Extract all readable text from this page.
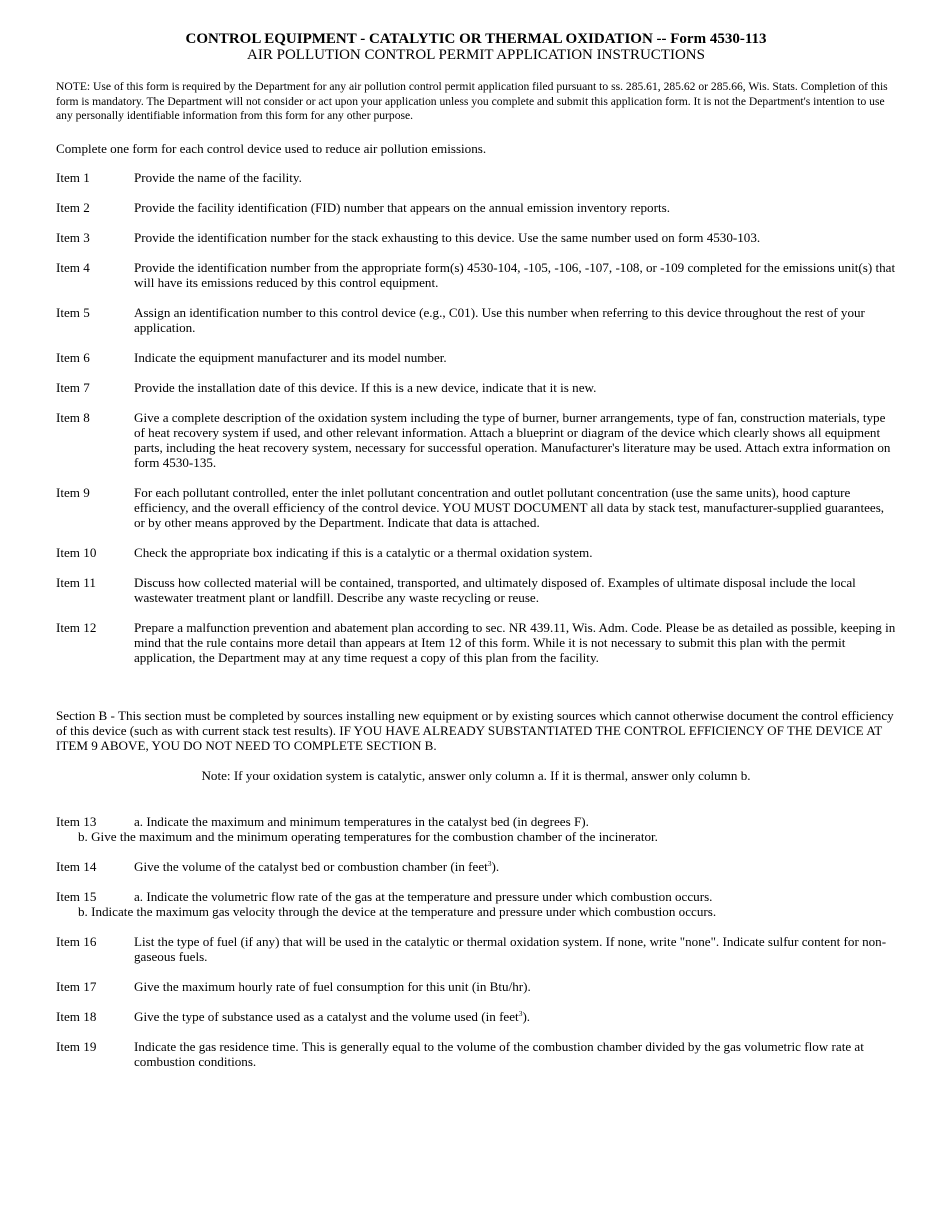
CONTROL EQUIPMENT - CATALYTIC OR THERMAL OXIDATION -- Form 4530-113
AIR POLLUTION CONTROL PERMIT APPLICATION INSTRUCTIONS
NOTE: Use of this form is required by the Department for any air pollution control permit application filed pursuant to ss. 285.61, 285.62 or 285.66, Wis. Stats. Completion of this form is mandatory. The Department will not consider or act upon your application unless you complete and submit this application form. It is not the Department's intention to use any personally identifiable information from this form for any other purpose.
Complete one form for each control device used to reduce air pollution emissions.
Item 1	Provide the name of the facility.
Item 2	Provide the facility identification (FID) number that appears on the annual emission inventory reports.
Item 3	Provide the identification number for the stack exhausting to this device. Use the same number used on form 4530-103.
Item 4	Provide the identification number from the appropriate form(s) 4530-104, -105, -106, -107, -108, or -109 completed for the emissions unit(s) that will have its emissions reduced by this control equipment.
Item 5	Assign an identification number to this control device (e.g., C01). Use this number when referring to this device throughout the rest of your application.
Item 6	Indicate the equipment manufacturer and its model number.
Item 7	Provide the installation date of this device. If this is a new device, indicate that it is new.
Item 8	Give a complete description of the oxidation system including the type of burner, burner arrangements, type of fan, construction materials, type of heat recovery system if used, and other relevant information. Attach a blueprint or diagram of the device which clearly shows all equipment parts, including the heat recovery system, necessary for successful operation. Manufacturer's literature may be used. Attach extra information on form 4530-135.
Item 9	For each pollutant controlled, enter the inlet pollutant concentration and outlet pollutant concentration (use the same units), hood capture efficiency, and the overall efficiency of the control device. YOU MUST DOCUMENT all data by stack test, manufacturer-supplied guarantees, or by other means approved by the Department. Indicate that data is attached.
Item 10	Check the appropriate box indicating if this is a catalytic or a thermal oxidation system.
Item 11	Discuss how collected material will be contained, transported, and ultimately disposed of. Examples of ultimate disposal include the local wastewater treatment plant or landfill. Describe any waste recycling or reuse.
Item 12	Prepare a malfunction prevention and abatement plan according to sec. NR 439.11, Wis. Adm. Code. Please be as detailed as possible, keeping in mind that the rule contains more detail than appears at Item 12 of this form. While it is not necessary to submit this plan with the permit application, the Department may at any time request a copy of this plan from the facility.
Section B - This section must be completed by sources installing new equipment or by existing sources which cannot otherwise document the control efficiency of this device (such as with current stack test results). IF YOU HAVE ALREADY SUBSTANTIATED THE CONTROL EFFICIENCY OF THE DEVICE AT ITEM 9 ABOVE, YOU DO NOT NEED TO COMPLETE SECTION B.
Note: If your oxidation system is catalytic, answer only column a. If it is thermal, answer only column b.
Item 13	a. Indicate the maximum and minimum temperatures in the catalyst bed (in degrees F).
b. Give the maximum and the minimum operating temperatures for the combustion chamber of the incinerator.
Item 14	Give the volume of the catalyst bed or combustion chamber (in feet$^3$).
Item 15	a. Indicate the volumetric flow rate of the gas at the temperature and pressure under which combustion occurs.
b. Indicate the maximum gas velocity through the device at the temperature and pressure under which combustion occurs.
Item 16	List the type of fuel (if any) that will be used in the catalytic or thermal oxidation system. If none, write "none". Indicate sulfur content for non-gaseous fuels.
Item 17	Give the maximum hourly rate of fuel consumption for this unit (in Btu/hr).
Item 18	Give the type of substance used as a catalyst and the volume used (in feet$^3$).
Item 19	Indicate the gas residence time. This is generally equal to the volume of the combustion chamber divided by the gas volumetric flow rate at combustion conditions.
